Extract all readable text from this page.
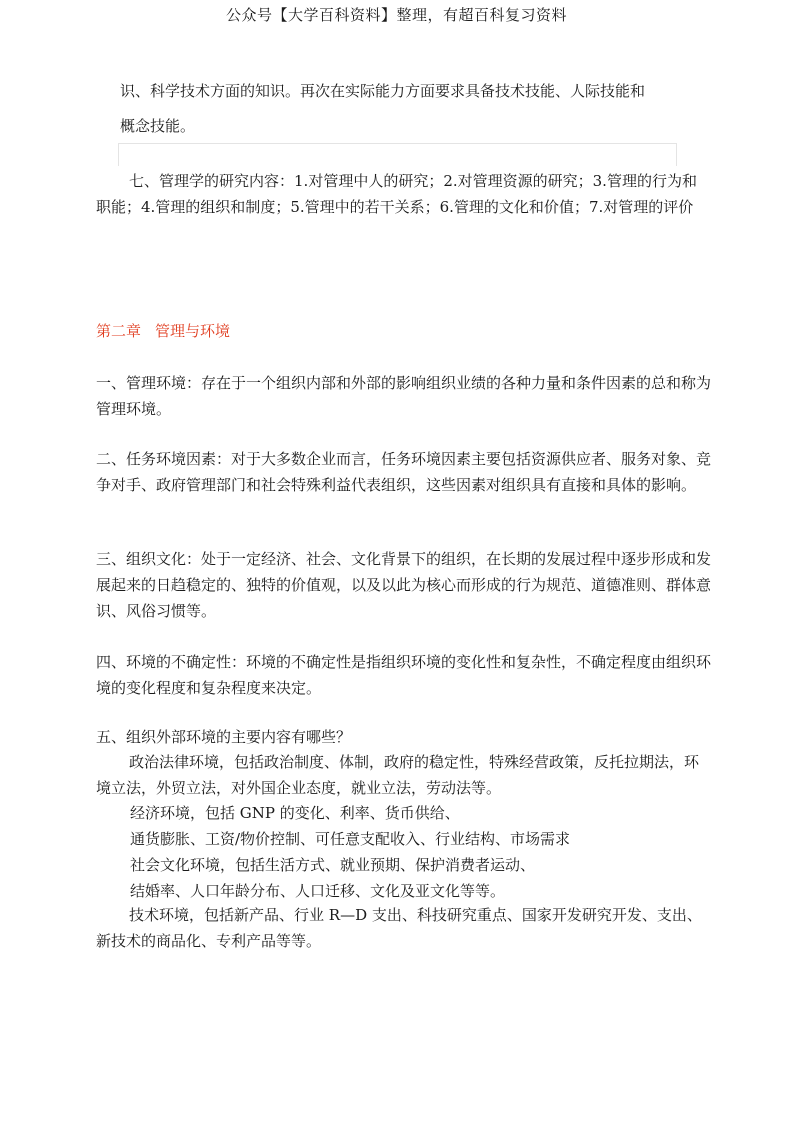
公众号【大学百科资料】整理，有超百科复习资料
识、科学技术方面的知识。再次在实际能力方面要求具备技术技能、人际技能和
概念技能。

七、管理学的研究内容：1.对管理中人的研究；2.对管理资源的研究；3.管理的行为和职能；4.管理的组织和制度；5.管理中的若干关系；6.管理的文化和价值；7.对管理的评价

第二章 管理与环境

一、管理环境：存在于一个组织内部和外部的影响组织业绩的各种力量和条件因素的总和称为管理环境。

二、任务环境因素：对于大多数企业而言，任务环境因素主要包括资源供应者、服务对象、竞争对手、政府管理部门和社会特殊利益代表组织，这些因素对组织具有直接和具体的影响。

三、组织文化：处于一定经济、社会、文化背景下的组织，在长期的发展过程中逐步形成和发展起来的日趋稳定的、独特的价值观，以及以此为核心而形成的行为规范、道德准则、群体意识、风俗习惯等。

四、环境的不确定性：环境的不确定性是指组织环境的变化性和复杂性，不确定程度由组织环境的变化程度和复杂程度来决定。

五、组织外部环境的主要内容有哪些？

政治法律环境，包括政治制度、体制，政府的稳定性，特殊经营政策，反托拉期法，环境立法，外贸立法，对外国企业态度，就业立法，劳动法等。

经济环境，包括 GNP 的变化、利率、货币供给、
通货膨胀、工资/物价控制、可任意支配收入、行业结构、市场需求
社会文化环境，包括生活方式、就业预期、保护消费者运动、
结婚率、人口年龄分布、人口迁移、文化及亚文化等等。

技术环境，包括新产品、行业 R—D 支出、科技研究重点、国家开发研究开发、支出、新技术的商品化、专利产品等等。
